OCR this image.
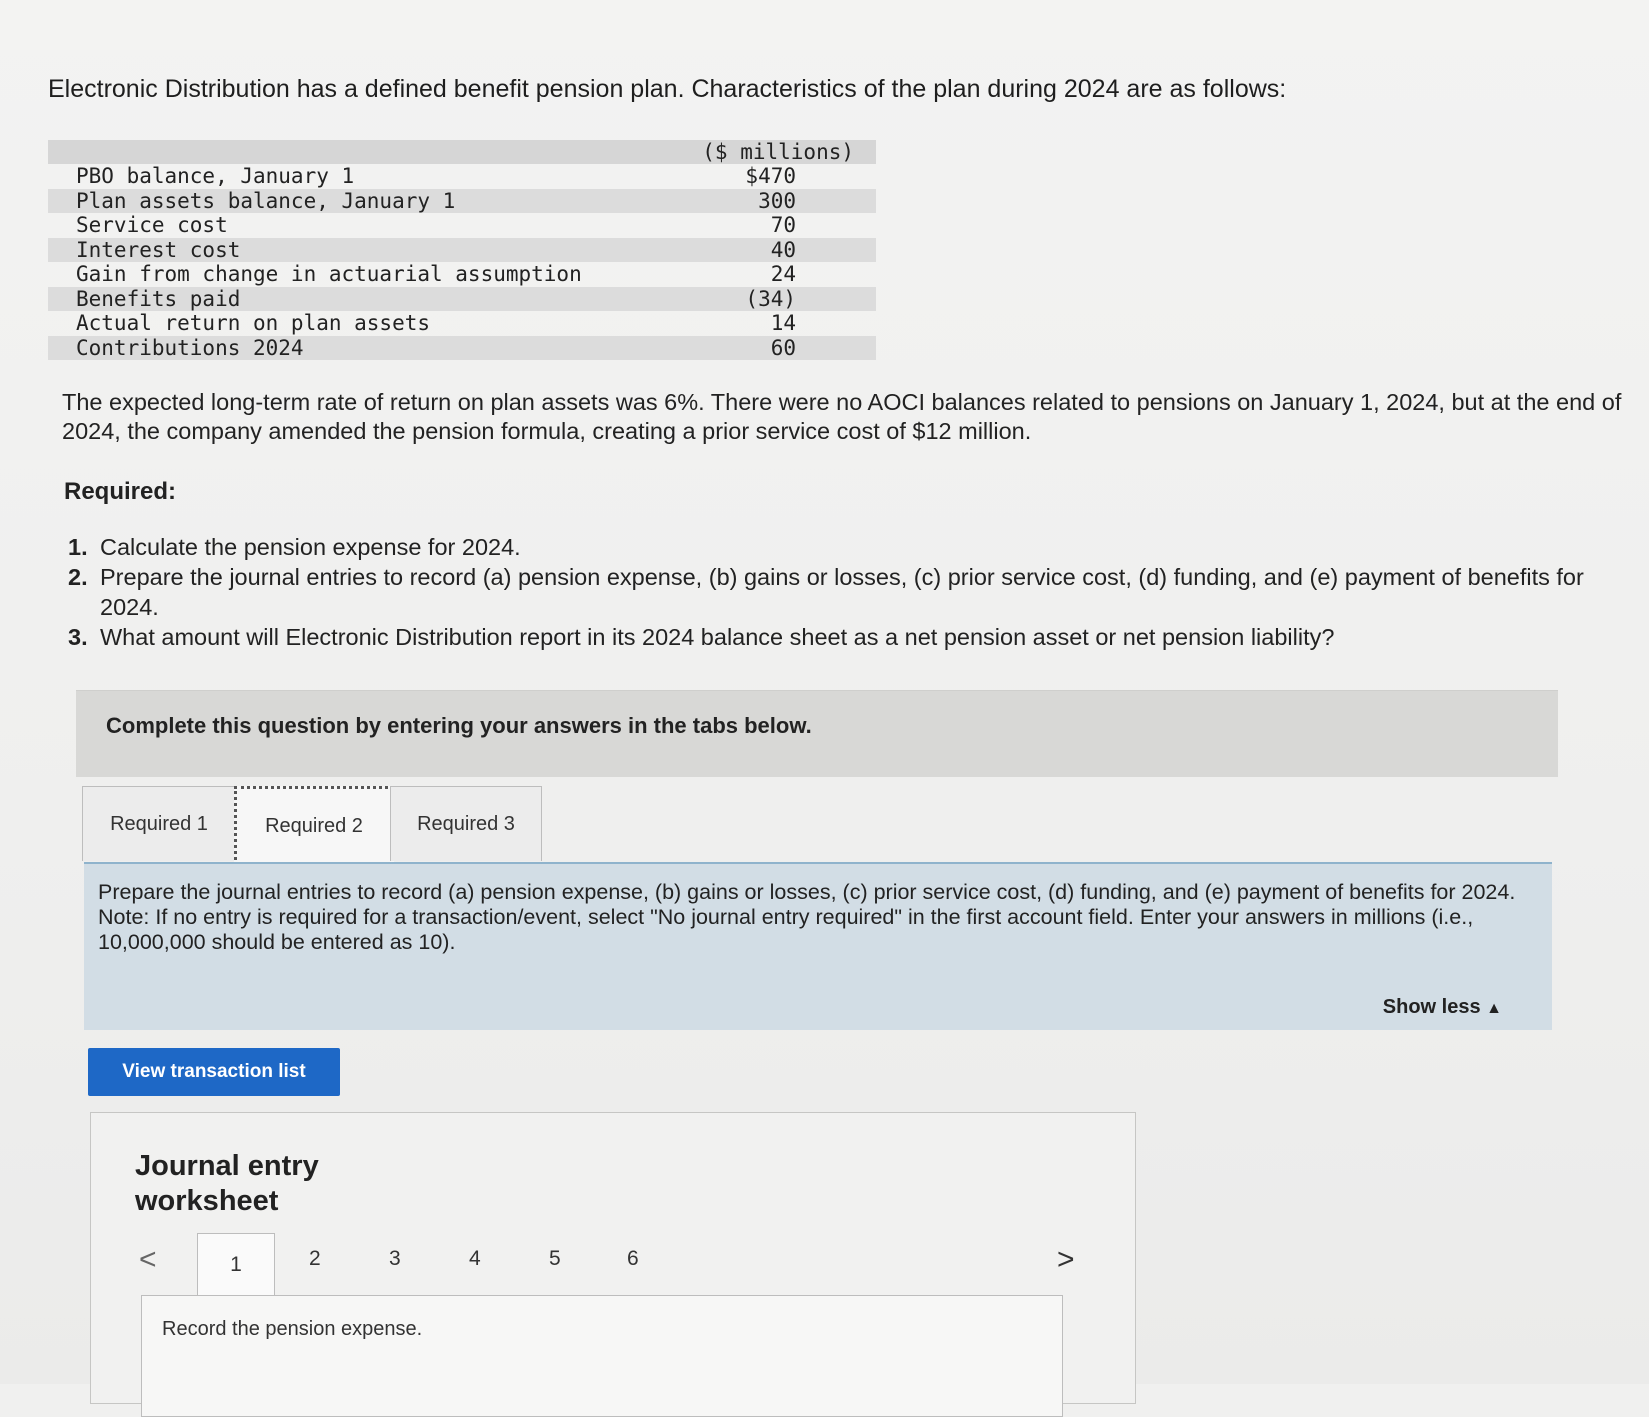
Electronic Distribution has a defined benefit pension plan. Characteristics of the plan during 2024 are as follows:
	($ millions)
PBO balance, January 1	$470
Plan assets balance, January 1	300
Service cost	70
Interest cost	40
Gain from change in actuarial assumption	24
Benefits paid	(34)
Actual return on plan assets	14
Contributions 2024	60
The expected long-term rate of return on plan assets was 6%. There were no AOCI balances related to pensions on January 1, 2024, but at the end of 2024, the company amended the pension formula, creating a prior service cost of $12 million.
Required:
1. Calculate the pension expense for 2024.
2. Prepare the journal entries to record (a) pension expense, (b) gains or losses, (c) prior service cost, (d) funding, and (e) payment of benefits for 2024.
3. What amount will Electronic Distribution report in its 2024 balance sheet as a net pension asset or net pension liability?
Complete this question by entering your answers in the tabs below.
Required 1	Required 2	Required 3
Prepare the journal entries to record (a) pension expense, (b) gains or losses, (c) prior service cost, (d) funding, and (e) payment of benefits for 2024.
Note: If no entry is required for a transaction/event, select "No journal entry required" in the first account field. Enter your answers in millions (i.e., 10,000,000 should be entered as 10).
Show less ▲
View transaction list
Journal entry worksheet
<	1	2	3	4	5	6	>
Record the pension expense.
